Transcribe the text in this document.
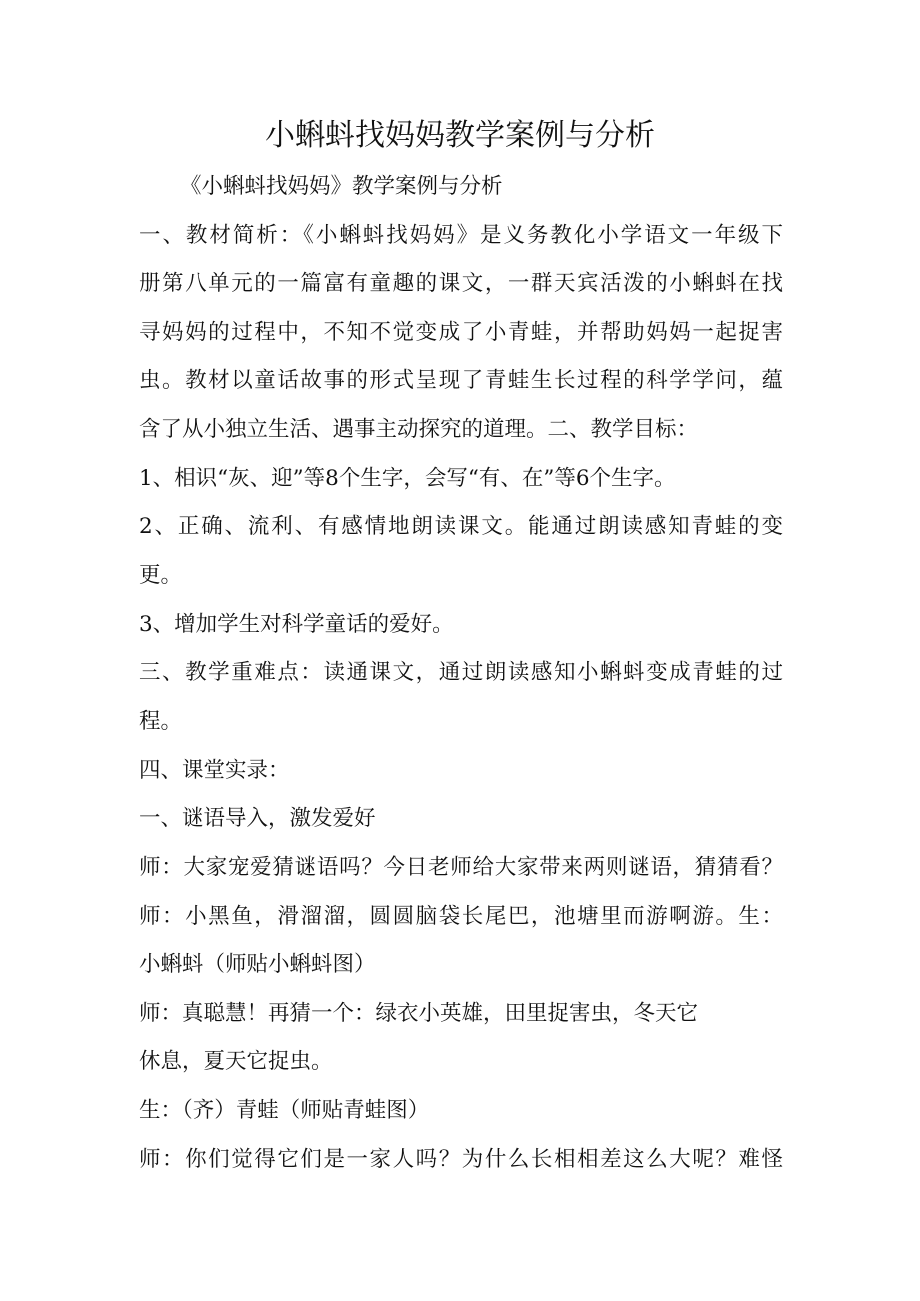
小蝌蚪找妈妈教学案例与分析
《小蝌蚪找妈妈》教学案例与分析
一、教材简析：《小蝌蚪找妈妈》是义务教化小学语文一年级下
册第八单元的一篇富有童趣的课文，一群天宾活泼的小蝌蚪在找
寻妈妈的过程中，不知不觉变成了小青蛙，并帮助妈妈一起捉害
虫。教材以童话故事的形式呈现了青蛙生长过程的科学学问，蕴
含了从小独立生活、遇事主动探究的道理。二、教学目标：
1、相识“灰、迎”等8个生字，会写“有、在”等6个生字。
2、正确、流利、有感情地朗读课文。能通过朗读感知青蛙的变
更。
3、增加学生对科学童话的爱好。
三、教学重难点：读通课文，通过朗读感知小蝌蚪变成青蛙的过
程。
四、课堂实录：
一、谜语导入，激发爱好
师：大家宠爱猜谜语吗？今日老师给大家带来两则谜语，猜猜看？
师：小黑鱼，滑溜溜，圆圆脑袋长尾巴，池塘里而游啊游。生：
小蝌蚪（师贴小蝌蚪图）
师：真聪慧！再猜一个：绿衣小英雄，田里捉害虫，冬天它
休息，夏天它捉虫。
生：（齐）青蛙（师贴青蛙图）
师：你们觉得它们是一家人吗？为什么长相相差这么大呢？难怪
